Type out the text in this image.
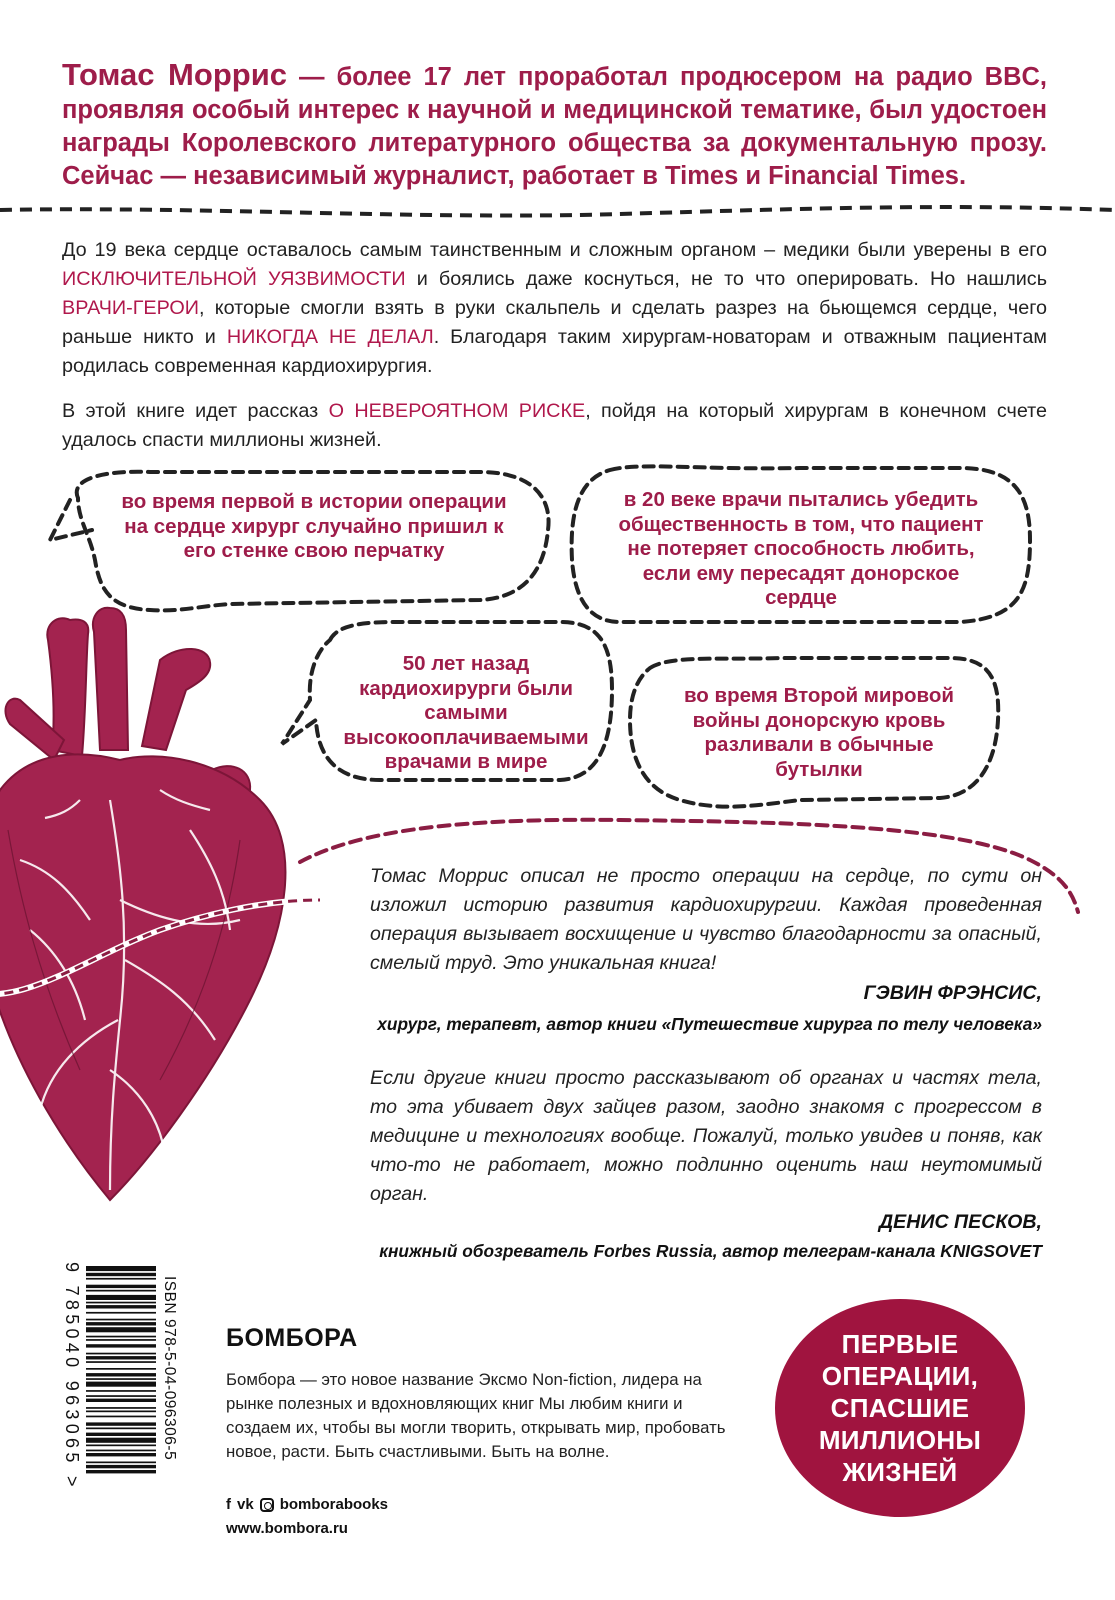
Томас Моррис — более 17 лет проработал продюсером на радио BBC, проявляя особый интерес к научной и медицинской тематике, был удостоен награды Королевского литературного общества за документальную прозу. Сейчас — независимый журналист, работает в Times и Financial Times.

До 19 века сердце оставалось самым таинственным и сложным органом – медики были уверены в его ИСКЛЮЧИТЕЛЬНОЙ УЯЗВИМОСТИ и боялись даже коснуться, не то что оперировать. Но нашлись ВРАЧИ-ГЕРОИ, которые смогли взять в руки скальпель и сделать разрез на бьющемся сердце, чего раньше никто и НИКОГДА НЕ ДЕЛАЛ. Благодаря таким хирургам-новаторам и отважным пациентам родилась современная кардиохирургия.

В этой книге идет рассказ О НЕВЕРОЯТНОМ РИСКЕ, пойдя на который хирургам в конечном счете удалось спасти миллионы жизней.

во время первой в истории операции на сердце хирург случайно пришил к его стенке свою перчатку
в 20 веке врачи пытались убедить общественность в том, что пациент не потеряет способность любить, если ему пересадят донорское сердце
50 лет назад кардиохирурги были самыми высокооплачиваемыми врачами в мире
во время Второй мировой войны донорскую кровь разливали в обычные бутылки
Томас Моррис описал не просто операции на сердце, по сути он изложил историю развития кардиохирургии. Каждая проведенная операция вызывает восхищение и чувство благодарности за опасный, смелый труд. Это уникальная книга!
ГЭВИН ФРЭНСИС,
хирург, терапевт, автор книги «Путешествие хирурга по телу человека»
Если другие книги просто рассказывают об органах и частях тела, то эта убивает двух зайцев разом, заодно знакомя с прогрессом в медицине и технологиях вообще. Пожалуй, только увидев и поняв, как что-то не работает, можно подлинно оценить наш неутомимый орган.
ДЕНИС ПЕСКОВ,
книжный обозреватель Forbes Russia, автор телеграм-канала KNIGSOVET
9 785040 963065 >	ISBN 978-5-04-096306-5 БОМБОРА
Бомбора — это новое название Эксмо Non-fiction, лидера на рынке полезных и вдохновляющих книг Мы любим книги и создаем их, чтобы вы могли творить, открывать мир, пробовать новое, расти. Быть счастливыми. Быть на волне.
f vk bomborabooks
www.bombora.ru
ПЕРВЫЕ
ОПЕРАЦИИ,
СПАСШИЕ
МИЛЛИОНЫ
ЖИЗНЕЙ
